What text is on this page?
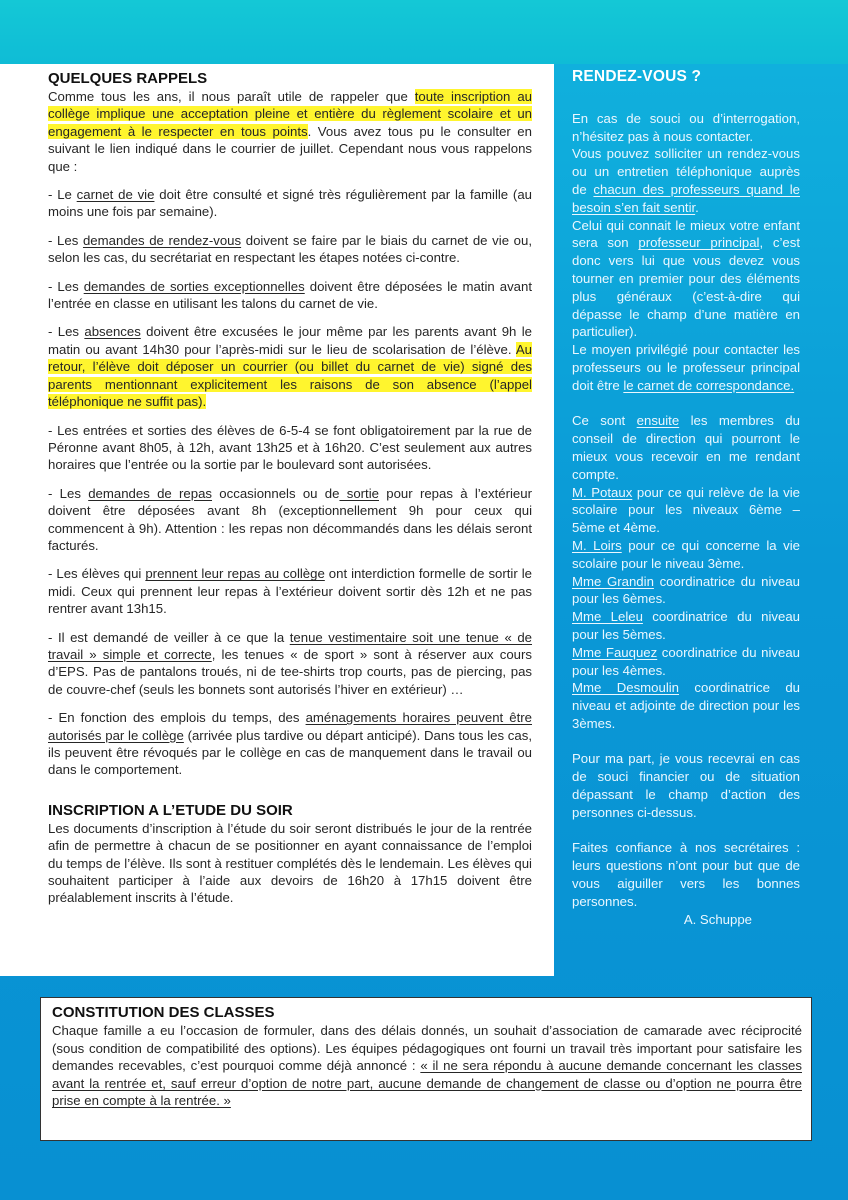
QUELQUES RAPPELS

Comme tous les ans, il nous paraît utile de rappeler que toute inscription au collège implique une acceptation pleine et entière du règlement scolaire et un engagement à le respecter en tous points. Vous avez tous pu le consulter en suivant le lien indiqué dans le courrier de juillet. Cependant nous vous rappelons que :

- Le carnet de vie doit être consulté et signé très régulièrement par la famille (au moins une fois par semaine).

- Les demandes de rendez-vous doivent se faire par le biais du carnet de vie ou, selon les cas, du secrétariat en respectant les étapes notées ci-contre.

- Les demandes de sorties exceptionnelles doivent être déposées le matin avant l’entrée en classe en utilisant les talons du carnet de vie.

- Les absences doivent être excusées le jour même par les parents avant 9h le matin ou avant 14h30 pour l’après-midi sur le lieu de scolarisation de l’élève. Au retour, l’élève doit déposer un courrier (ou billet du carnet de vie) signé des parents mentionnant explicitement les raisons de son absence (l’appel téléphonique ne suffit pas).

- Les entrées et sorties des élèves de 6-5-4 se font obligatoirement par la rue de Péronne avant 8h05, à 12h, avant 13h25 et à 16h20. C’est seulement aux autres horaires que l’entrée ou la sortie par le boulevard sont autorisées.

- Les demandes de repas occasionnels ou de sortie pour repas à l’extérieur doivent être déposées avant 8h (exceptionnellement 9h pour ceux qui commencent à 9h). Attention : les repas non décommandés dans les délais seront facturés.

- Les élèves qui prennent leur repas au collège ont interdiction formelle de sortir le midi. Ceux qui prennent leur repas à l’extérieur doivent sortir dès 12h et ne pas rentrer avant 13h15.

- Il est demandé de veiller à ce que la tenue vestimentaire soit une tenue « de travail » simple et correcte, les tenues « de sport » sont à réserver aux cours d’EPS. Pas de pantalons troués, ni de tee-shirts trop courts, pas de piercing, pas de couvre-chef (seuls les bonnets sont autorisés l’hiver en extérieur) …

- En fonction des emplois du temps, des aménagements horaires peuvent être autorisés par le collège (arrivée plus tardive ou départ anticipé). Dans tous les cas, ils peuvent être révoqués par le collège en cas de manquement dans le travail ou dans le comportement.

INSCRIPTION A L’ETUDE DU SOIR

Les documents d’inscription à l’étude du soir seront distribués le jour de la rentrée afin de permettre à chacun de se positionner en ayant connaissance de l’emploi du temps de l’élève. Ils sont à restituer complétés dès le lendemain. Les élèves qui souhaitent participer à l’aide aux devoirs de 16h20 à 17h15 doivent être préalablement inscrits à l’étude.

RENDEZ-VOUS ?

En cas de souci ou d’interrogation, n’hésitez pas à nous contacter.

Vous pouvez solliciter un rendez-vous ou un entretien téléphonique auprès de chacun des professeurs quand le besoin s’en fait sentir.

Celui qui connait le mieux votre enfant sera son professeur principal, c’est donc vers lui que vous devez vous tourner en premier pour des éléments plus généraux (c’est-à-dire qui dépasse le champ d’une matière en particulier).

Le moyen privilégié pour contacter les professeurs ou le professeur principal doit être le carnet de correspondance.

Ce sont ensuite les membres du conseil de direction qui pourront le mieux vous recevoir en me rendant compte.

M. Potaux pour ce qui relève de la vie scolaire pour les niveaux 6ème – 5ème et 4ème.

M. Loirs pour ce qui concerne la vie scolaire pour le niveau 3ème.

Mme Grandin coordinatrice du niveau pour les 6èmes.

Mme Leleu coordinatrice du niveau pour les 5èmes.

Mme Fauquez coordinatrice du niveau pour les 4èmes.

Mme Desmoulin coordinatrice du niveau et adjointe de direction pour les 3èmes.

Pour ma part, je vous recevrai en cas de souci financier ou de situation dépassant le champ d’action des personnes ci-dessus.

Faites confiance à nos secrétaires : leurs questions n’ont pour but que de vous aiguiller vers les bonnes personnes.

A. Schuppe

CONSTITUTION DES CLASSES

Chaque famille a eu l’occasion de formuler, dans des délais donnés, un souhait d’association de camarade avec réciprocité (sous condition de compatibilité des options). Les équipes pédagogiques ont fourni un travail très important pour satisfaire les demandes recevables, c’est pourquoi comme déjà annoncé : « il ne sera répondu à aucune demande concernant les classes avant la rentrée et, sauf erreur d’option de notre part, aucune demande de changement de classe ou d’option ne pourra être prise en compte à la rentrée. »
